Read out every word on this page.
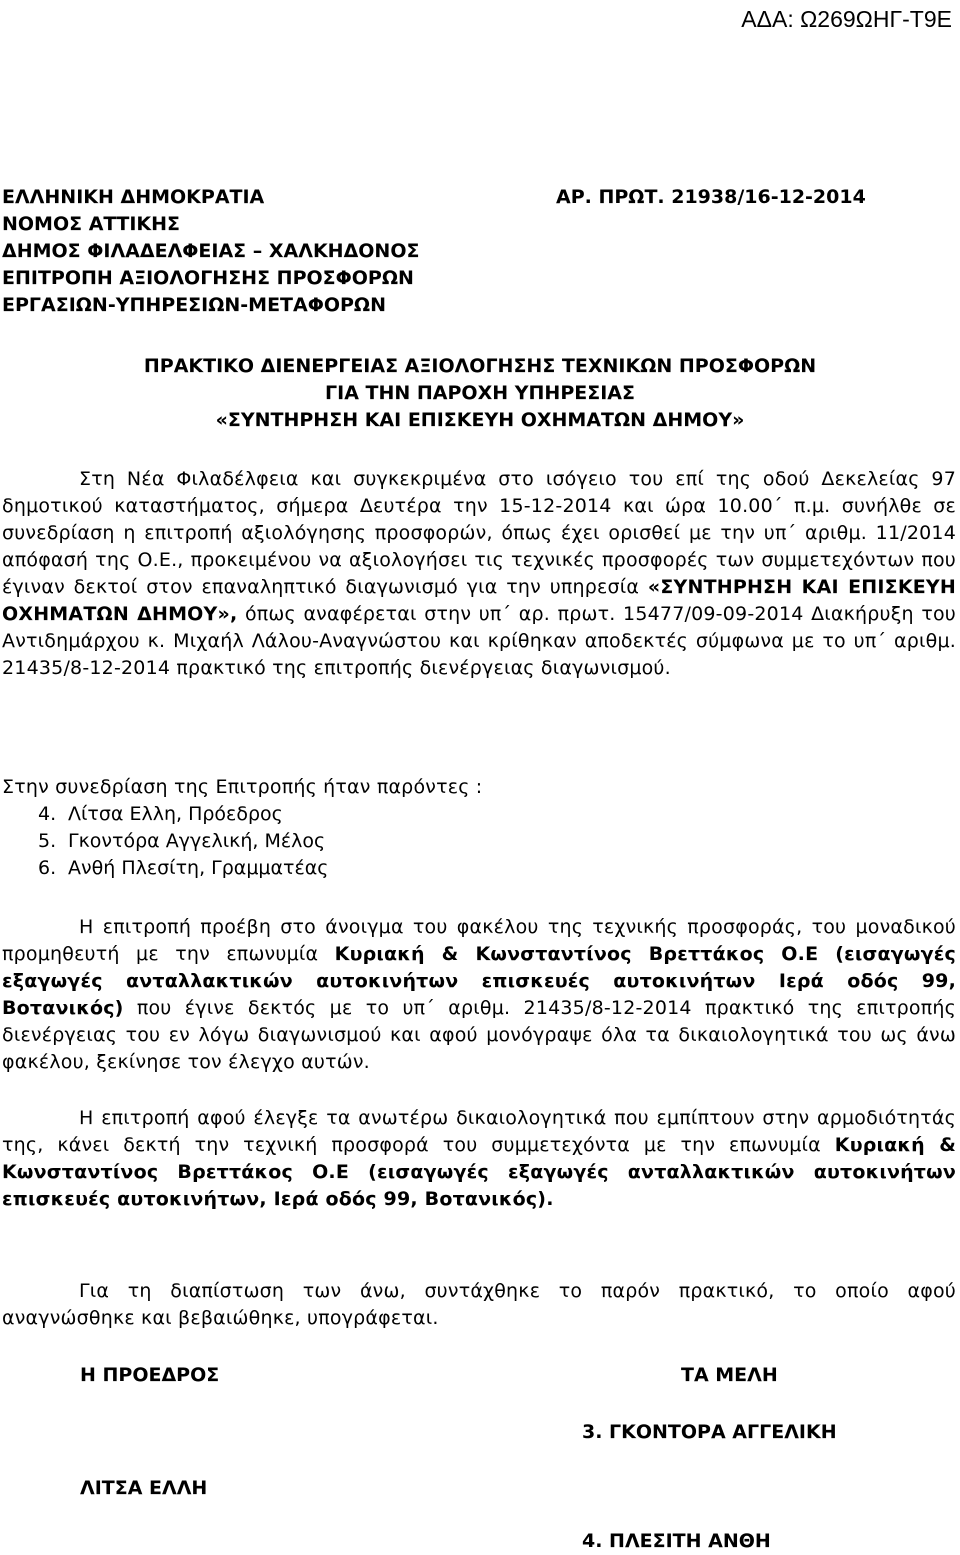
ΑΔΑ: Ω269ΩΗΓ-Τ9Ε
ΕΛΛΗΝΙΚΗ ΔΗΜΟΚΡΑΤΙΑ
ΝΟΜΟΣ ΑΤΤΙΚΗΣ
ΔΗΜΟΣ ΦΙΛΑΔΕΛΦΕΙΑΣ – ΧΑΛΚΗΔΟΝΟΣ
ΕΠΙΤΡΟΠΗ ΑΞΙΟΛΟΓΗΣΗΣ ΠΡΟΣΦΟΡΩΝ
ΕΡΓΑΣΙΩΝ-ΥΠΗΡΕΣΙΩΝ-ΜΕΤΑΦΟΡΩΝ
ΑΡ. ΠΡΩΤ. 21938/16-12-2014
ΠΡΑΚΤΙΚΟ ΔΙΕΝΕΡΓΕΙΑΣ ΑΞΙΟΛΟΓΗΣΗΣ ΤΕΧΝΙΚΩΝ ΠΡΟΣΦΟΡΩΝ
ΓΙΑ ΤΗΝ ΠΑΡΟΧΗ ΥΠΗΡΕΣΙΑΣ
«ΣΥΝΤΗΡΗΣΗ ΚΑΙ ΕΠΙΣΚΕΥΗ ΟΧΗΜΑΤΩΝ ΔΗΜΟΥ»
Στη Νέα Φιλαδέλφεια και συγκεκριμένα στο ισόγειο του επί της οδού Δεκελείας 97 δημοτικού καταστήματος, σήμερα Δευτέρα την 15-12-2014 και ώρα 10.00΄ π.μ. συνήλθε σε συνεδρίαση η επιτροπή αξιολόγησης προσφορών, όπως έχει ορισθεί με την υπ΄ αριθμ. 11/2014 απόφασή της Ο.Ε., προκειμένου να αξιολογήσει τις τεχνικές προσφορές των συμμετεχόντων που έγιναν δεκτοί στον επαναληπτικό διαγωνισμό για την υπηρεσία «ΣΥΝΤΗΡΗΣΗ ΚΑΙ ΕΠΙΣΚΕΥΗ ΟΧΗΜΑΤΩΝ ΔΗΜΟΥ», όπως αναφέρεται στην υπ΄ αρ. πρωτ. 15477/09-09-2014 Διακήρυξη του Αντιδημάρχου κ. Μιχαήλ Λάλου-Αναγνώστου και κρίθηκαν αποδεκτές σύμφωνα με το υπ΄ αριθμ. 21435/8-12-2014 πρακτικό της επιτροπής διενέργειας διαγωνισμού.
Στην συνεδρίαση της Επιτροπής ήταν παρόντες :
4. Λίτσα Ελλη, Πρόεδρος
5. Γκοντόρα Αγγελική, Μέλος
6. Ανθή Πλεσίτη, Γραμματέας
Η επιτροπή προέβη στο άνοιγμα του φακέλου της τεχνικής προσφοράς, του μοναδικού προμηθευτή με την επωνυμία Κυριακή & Κωνσταντίνος Βρεττάκος Ο.Ε (εισαγωγές εξαγωγές ανταλλακτικών αυτοκινήτων επισκευές αυτοκινήτων Ιερά οδός 99, Βοτανικός) που έγινε δεκτός με το υπ΄ αριθμ. 21435/8-12-2014 πρακτικό της επιτροπής διενέργειας του εν λόγω διαγωνισμού και αφού μονόγραψε όλα τα δικαιολογητικά του ως άνω φακέλου, ξεκίνησε τον έλεγχο αυτών.
Η επιτροπή αφού έλεγξε τα ανωτέρω δικαιολογητικά που εμπίπτουν στην αρμοδιότητάς της, κάνει δεκτή την τεχνική προσφορά του συμμετεχόντα με την επωνυμία Κυριακή & Κωνσταντίνος Βρεττάκος Ο.Ε (εισαγωγές εξαγωγές ανταλλακτικών αυτοκινήτων επισκευές αυτοκινήτων, Ιερά οδός 99, Βοτανικός).
Για τη διαπίστωση των άνω, συντάχθηκε το παρόν πρακτικό, το οποίο αφού αναγνώσθηκε και βεβαιώθηκε, υπογράφεται.
Η ΠΡΟΕΔΡΟΣ	ΤΑ ΜΕΛΗ
3. ΓΚΟΝΤΟΡΑ ΑΓΓΕΛΙΚΗ
ΛΙΤΣΑ ΕΛΛΗ
4. ΠΛΕΣΙΤΗ ΑΝΘΗ
